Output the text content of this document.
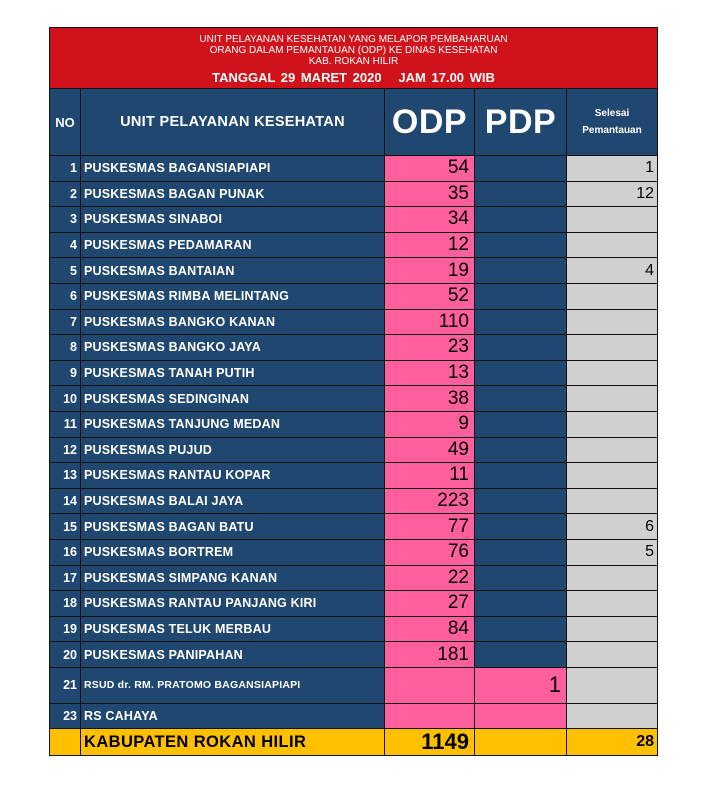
UNIT PELAYANAN KESEHATAN YANG MELAPOR PEMBAHARUAN
ORANG DALAM PEMANTAUAN (ODP) KE DINAS KESEHATAN
KAB. ROKAN HILIR
TANGGAL 29 MARET 2020   JAM 17.00 WIB				

NO	UNIT PELAYANAN KESEHATAN	ODP	PDP	Selesai
Pemantauan

1	PUSKESMAS BAGANSIAPIAPI	54		1
2	PUSKESMAS BAGAN PUNAK	35		12
3	PUSKESMAS SINABOI	34		
4	PUSKESMAS PEDAMARAN	12		
5	PUSKESMAS BANTAIAN	19		4
6	PUSKESMAS RIMBA MELINTANG	52		
7	PUSKESMAS BANGKO KANAN	110		
8	PUSKESMAS BANGKO JAYA	23		
9	PUSKESMAS TANAH PUTIH	13		
10	PUSKESMAS SEDINGINAN	38		
11	PUSKESMAS TANJUNG MEDAN	9		
12	PUSKESMAS PUJUD	49		
13	PUSKESMAS RANTAU KOPAR	11		
14	PUSKESMAS BALAI JAYA	223		
15	PUSKESMAS BAGAN BATU	77		6
16	PUSKESMAS BORTREM	76		5
17	PUSKESMAS SIMPANG KANAN	22		
18	PUSKESMAS RANTAU PANJANG KIRI	27		
19	PUSKESMAS TELUK MERBAU	84		
20	PUSKESMAS PANIPAHAN	181		
21	RSUD dr. RM. PRATOMO BAGANSIAPIAPI		1	
23	RS CAHAYA			
	KABUPATEN ROKAN HILIR	1149		28
